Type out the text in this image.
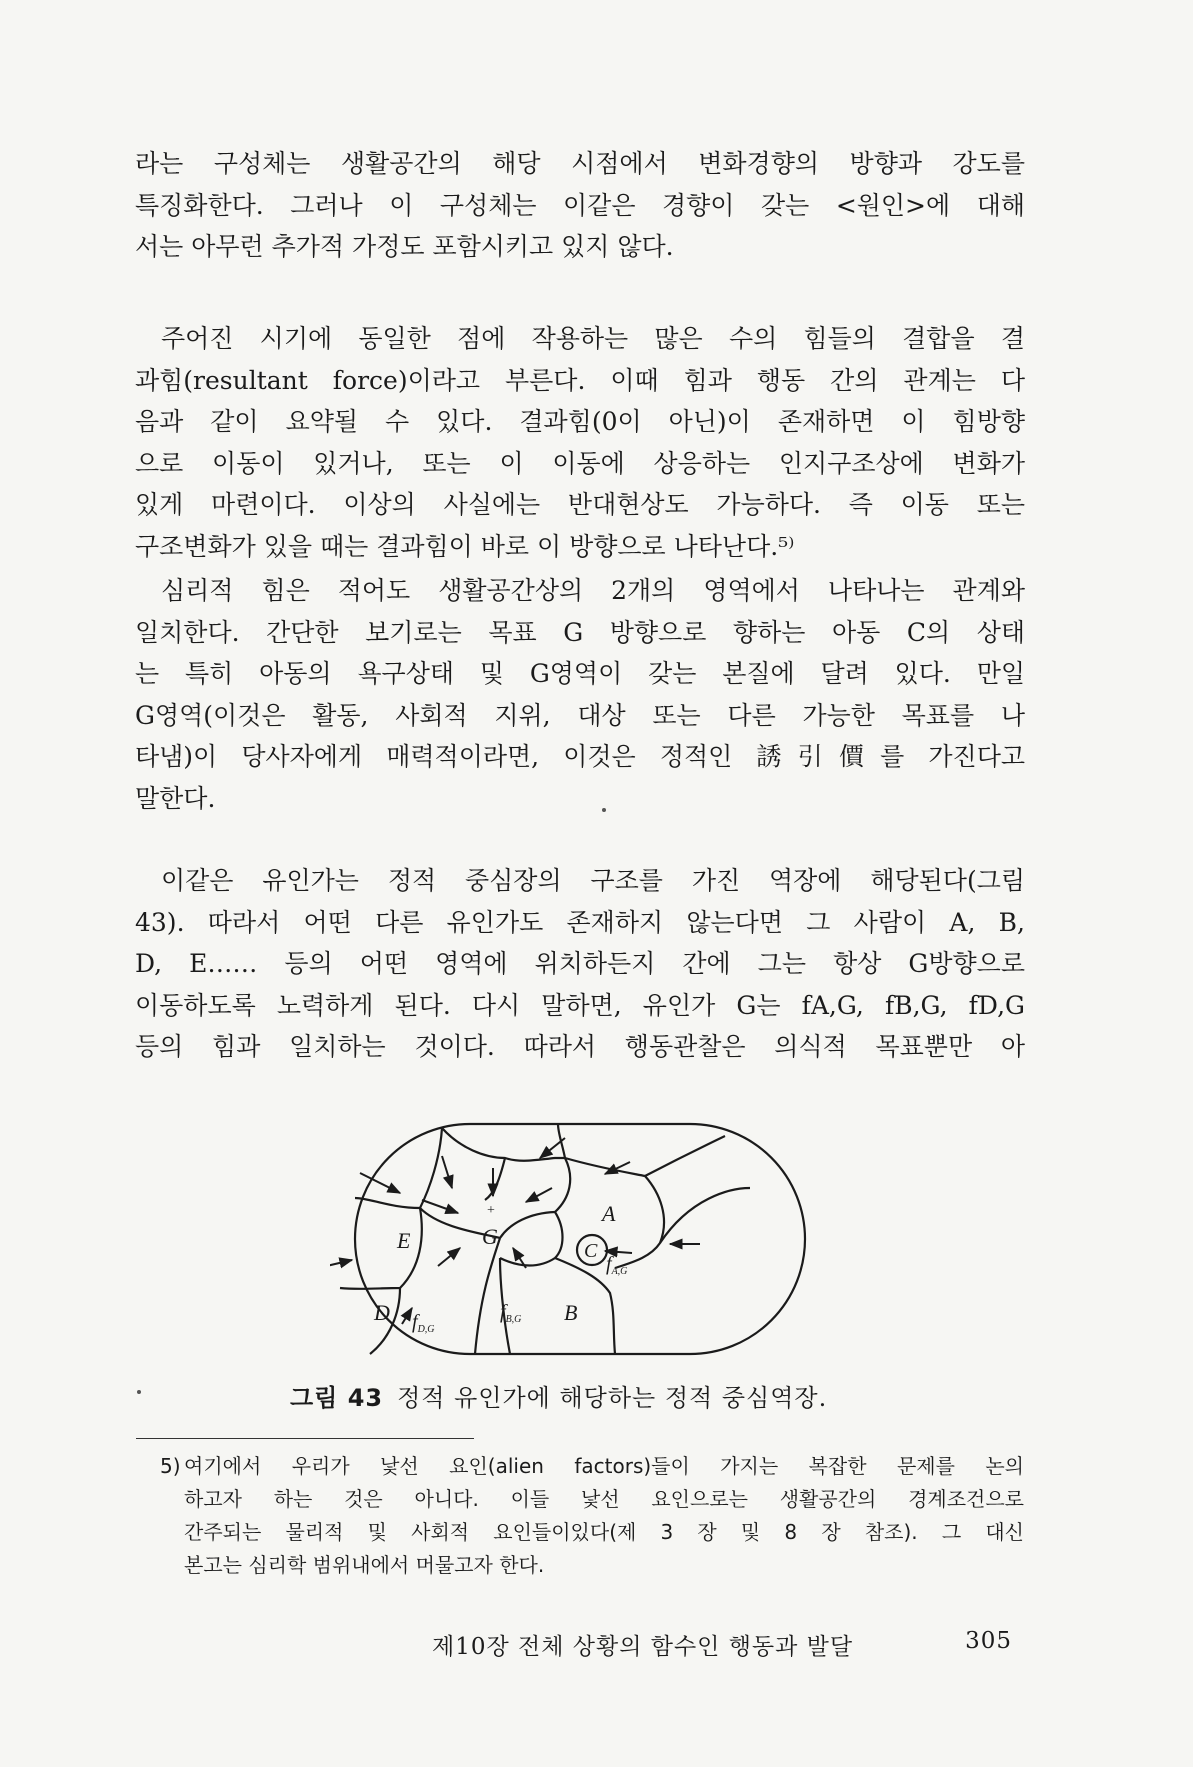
라는 구성체는 생활공간의 해당 시점에서 변화경향의 방향과 강도를
특징화한다. 그러나 이 구성체는 이같은 경향이 갖는 <원인>에 대해
서는 아무런 추가적 가정도 포함시키고 있지 않다.

주어진 시기에 동일한 점에 작용하는 많은 수의 힘들의 결합을 결
과힘(resultant force)이라고 부른다. 이때 힘과 행동 간의 관계는 다
음과 같이 요약될 수 있다. 결과힘(0이 아닌)이 존재하면 이 힘방향
으로 이동이 있거나, 또는 이 이동에 상응하는 인지구조상에 변화가
있게 마련이다. 이상의 사실에는 반대현상도 가능하다. 즉 이동 또는
구조변화가 있을 때는 결과힘이 바로 이 방향으로 나타난다.⁵⁾

심리적 힘은 적어도 생활공간상의 2개의 영역에서 나타나는 관계와
일치한다. 간단한 보기로는 목표 G 방향으로 향하는 아동 C의 상태
는 특히 아동의 욕구상태 및 G영역이 갖는 본질에 달려 있다. 만일
G영역(이것은 활동, 사회적 지위, 대상 또는 다른 가능한 목표를 나
타냄)이 당사자에게 매력적이라면, 이것은 정적인 誘引價를 가진다고
말한다.

이같은 유인가는 정적 중심장의 구조를 가진 역장에 해당된다(그림
43). 따라서 어떤 다른 유인가도 존재하지 않는다면 그 사람이 A, B,
D, E…… 등의 어떤 영역에 위치하든지 간에 그는 항상 G방향으로
이동하도록 노력하게 된다. 다시 말하면, 유인가 G는 fA,G, fB,G, fD,G
등의 힘과 일치하는 것이다. 따라서 행동관찰은 의식적 목표뿐만 아

A
E	G
+
C
D	B
$f_{A,G}$
$f_{B,G}$
$f_{D,G}$
그림 43 정적 유인가에 해당하는 정적 중심역장.
5) 여기에서 우리가 낯선 요인(alien factors)들이 가지는 복잡한 문제를 논의
하고자 하는 것은 아니다. 이들 낯선 요인으로는 생활공간의 경계조건으로
간주되는 물리적 및 사회적 요인들이있다(제 3 장 및 8 장 참조). 그 대신
본고는 심리학 범위내에서 머물고자 한다.
제10장 전체 상황의 함수인 행동과 발달	305
